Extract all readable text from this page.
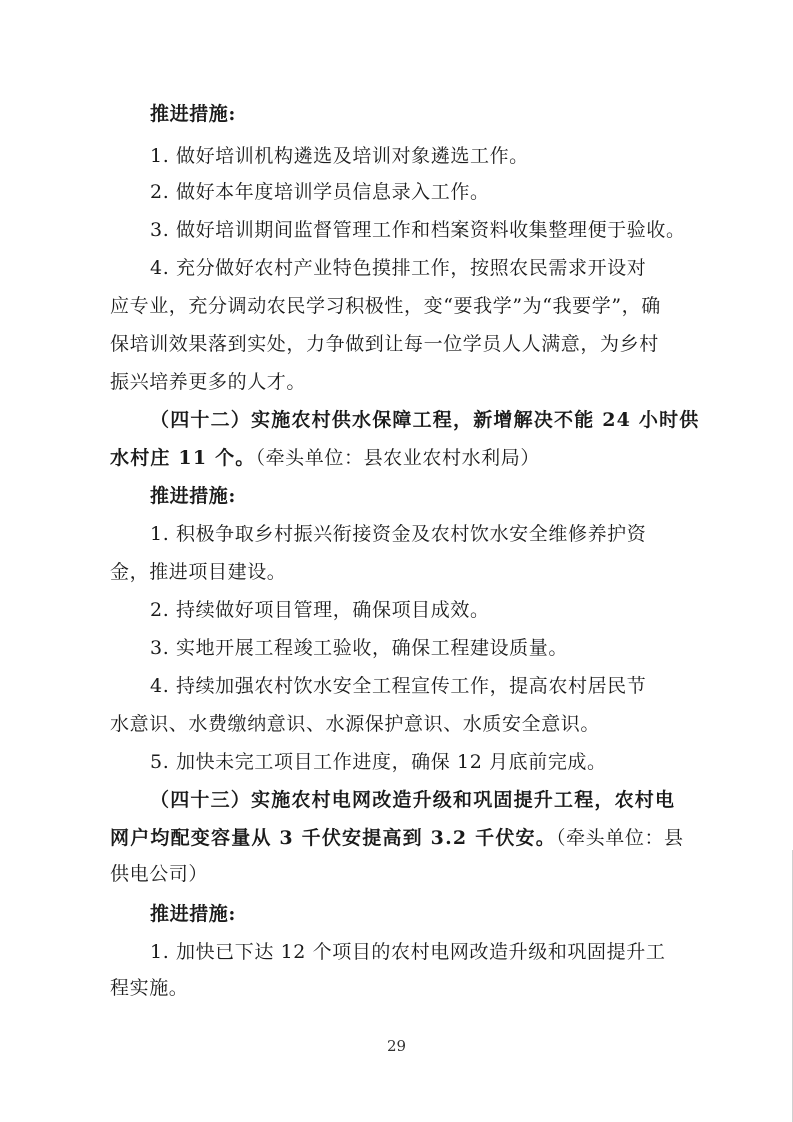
推进措施:
1. 做好培训机构遴选及培训对象遴选工作。
2. 做好本年度培训学员信息录入工作。
3. 做好培训期间监督管理工作和档案资料收集整理便于验收。
4. 充分做好农村产业特色摸排工作，按照农民需求开设对
应专业，充分调动农民学习积极性，变“要我学”为“我要学”，确
保培训效果落到实处，力争做到让每一位学员人人满意，为乡村
振兴培养更多的人才。
（四十二）实施农村供水保障工程，新增解决不能 24 小时供
水村庄 11 个。（牵头单位：县农业农村水利局）
推进措施:
1. 积极争取乡村振兴衔接资金及农村饮水安全维修养护资
金，推进项目建设。
2. 持续做好项目管理，确保项目成效。
3. 实地开展工程竣工验收，确保工程建设质量。
4. 持续加强农村饮水安全工程宣传工作，提高农村居民节
水意识、水费缴纳意识、水源保护意识、水质安全意识。
5. 加快未完工项目工作进度，确保 12 月底前完成。
（四十三）实施农村电网改造升级和巩固提升工程，农村电
网户均配变容量从 3 千伏安提高到 3.2 千伏安。（牵头单位：县
供电公司）
推进措施:
1. 加快已下达 12 个项目的农村电网改造升级和巩固提升工
程实施。
29
